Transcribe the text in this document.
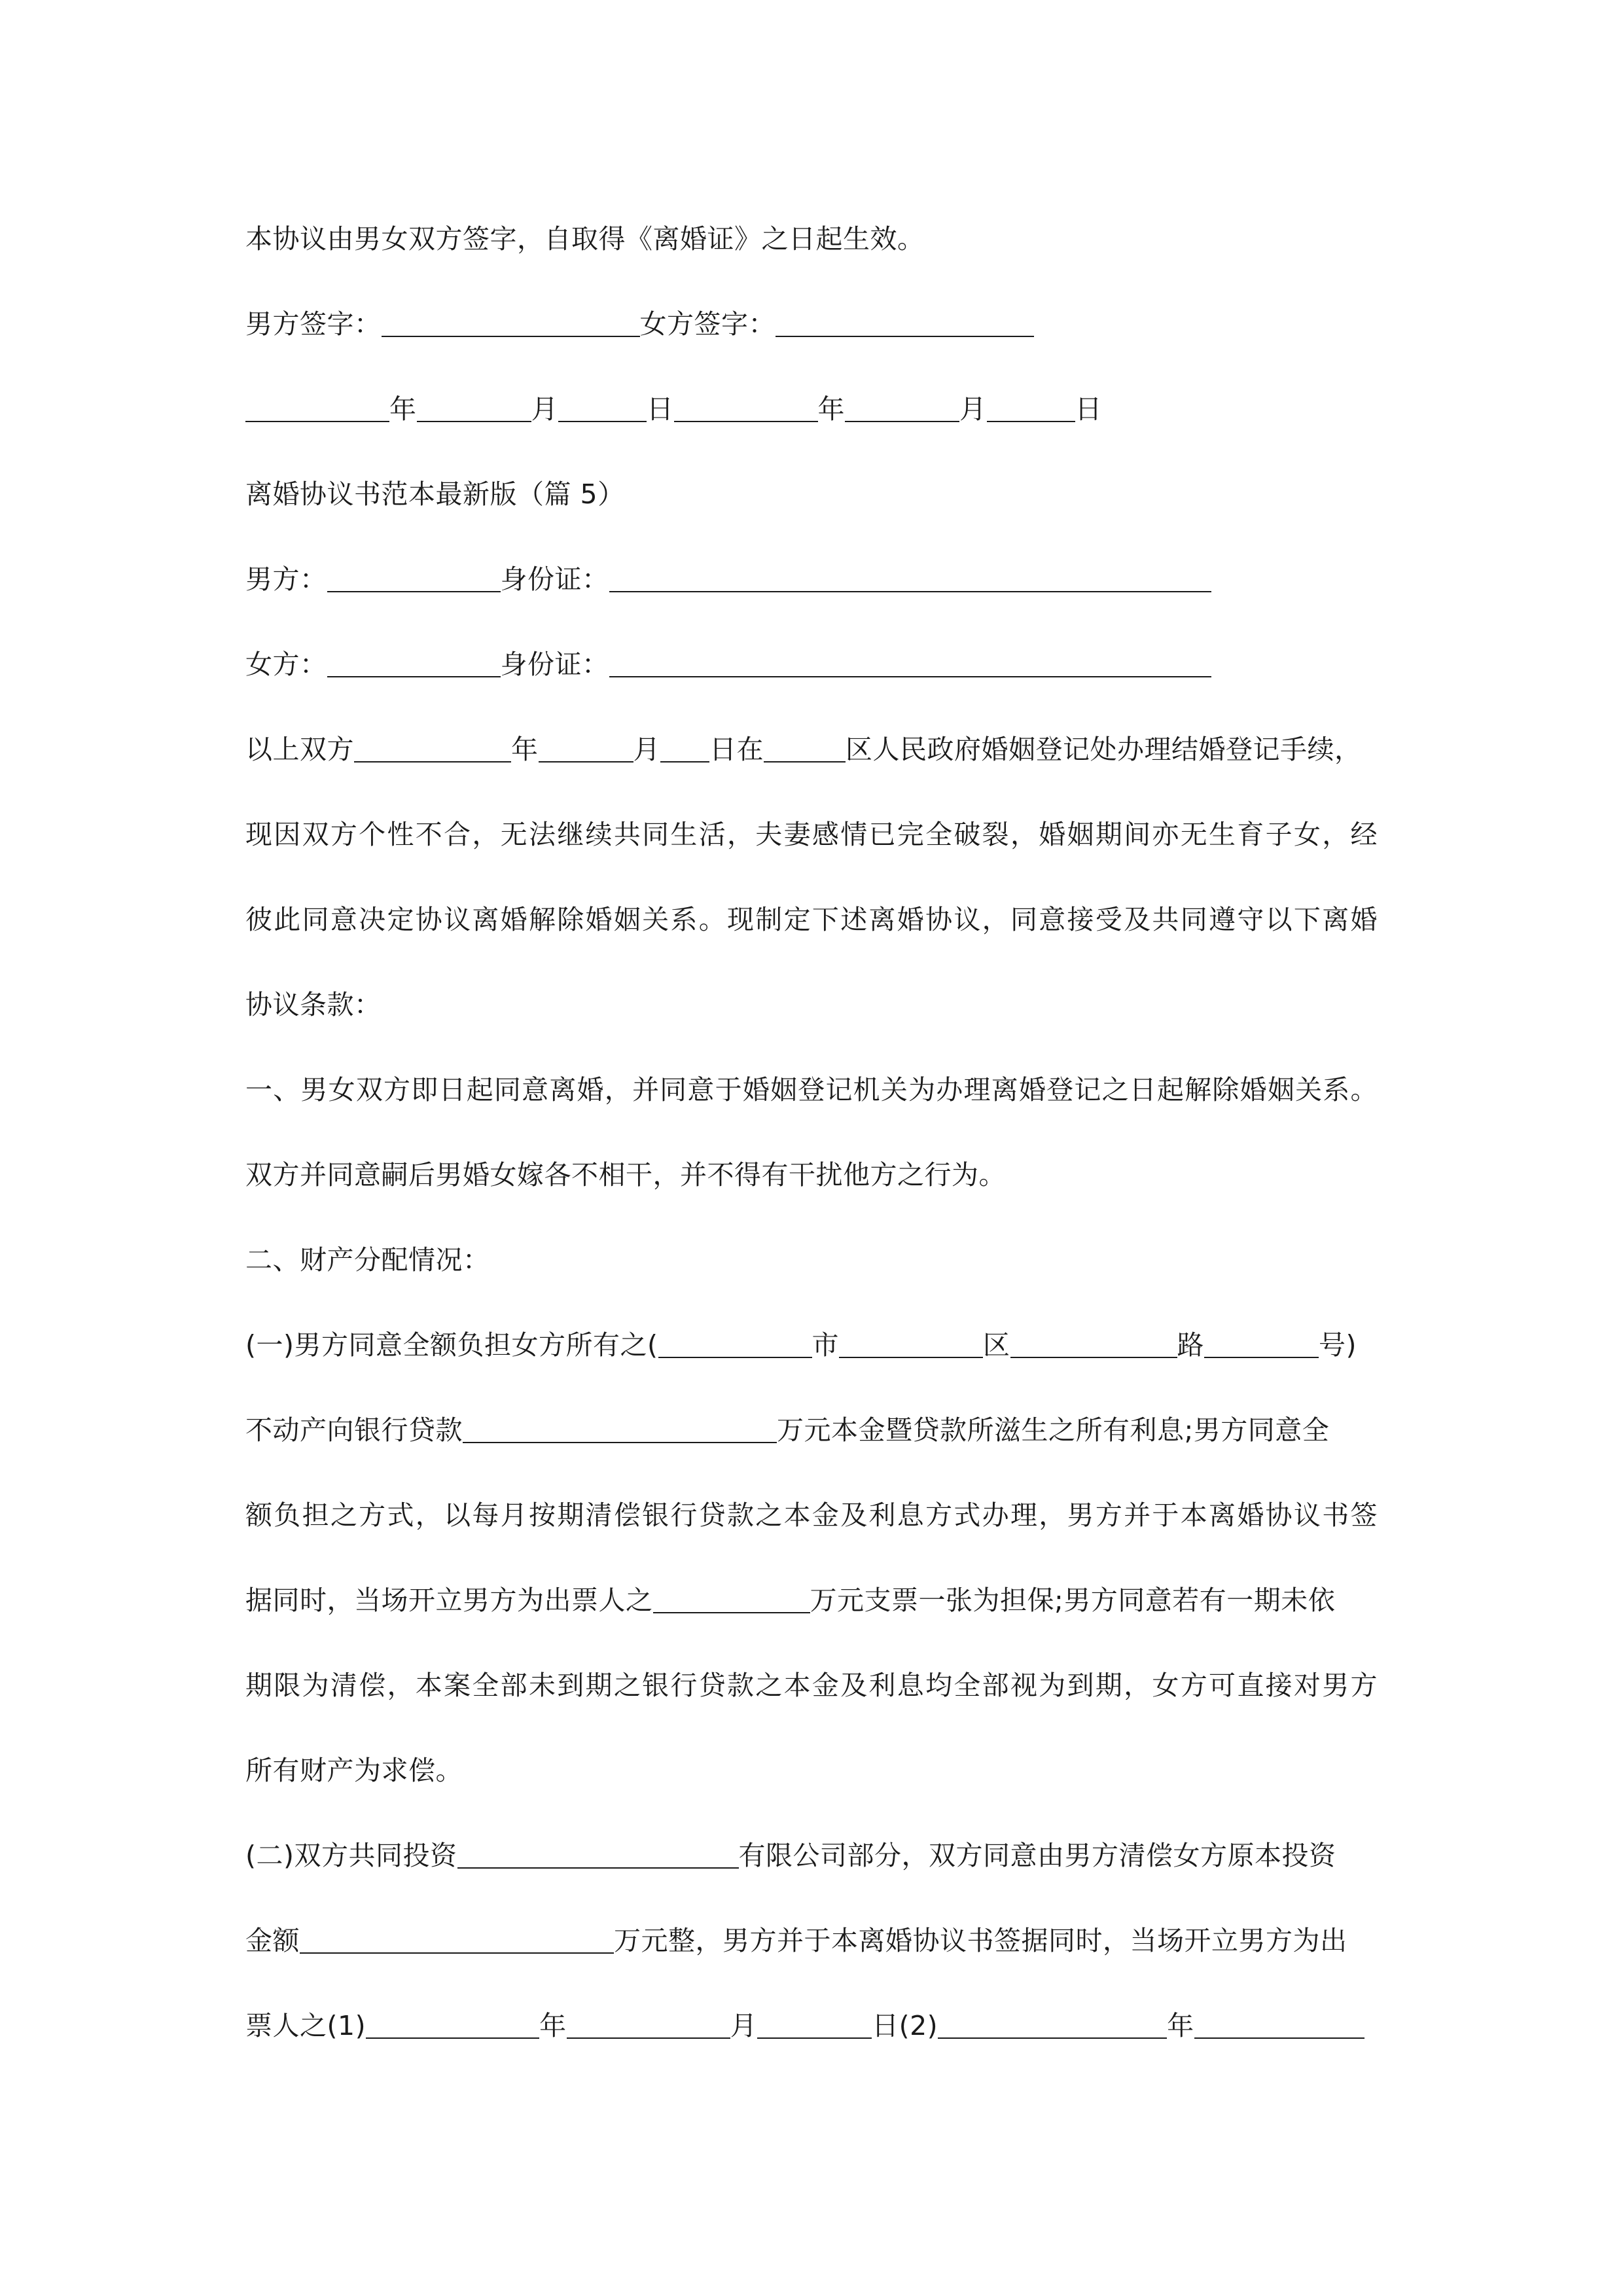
本协议由男女双方签字，自取得《离婚证》之日起生效。
男方签字：	女方签字：
年	月	日	年	月	日
离婚协议书范本最新版（篇 5）
男方：	身份证：
女方：	身份证：
以上双方	年	月 日在	区人民政府婚姻登记处办理结婚登记手续，
现因双方个性不合，无法继续共同生活，夫妻感情已完全破裂，婚姻期间亦无生育子女，经
彼此同意决定协议离婚解除婚姻关系。现制定下述离婚协议，同意接受及共同遵守以下离婚
协议条款：
一、男女双方即日起同意离婚，并同意于婚姻登记机关为办理离婚登记之日起解除婚姻关系。
双方并同意嗣后男婚女嫁各不相干，并不得有干扰他方之行为。
二、财产分配情况：
(一)男方同意全额负担女方所有之(	市	区	路	号)
不动产向银行贷款	万元本金暨贷款所滋生之所有利息;男方同意全
额负担之方式，以每月按期清偿银行贷款之本金及利息方式办理，男方并于本离婚协议书签
据同时，当场开立男方为出票人之	万元支票一张为担保;男方同意若有一期未依
期限为清偿，本案全部未到期之银行贷款之本金及利息均全部视为到期，女方可直接对男方
所有财产为求偿。
(二)双方共同投资	有限公司部分，双方同意由男方清偿女方原本投资
金额	万元整，男方并于本离婚协议书签据同时，当场开立男方为出
票人之(1)	年	月	日(2)	年
